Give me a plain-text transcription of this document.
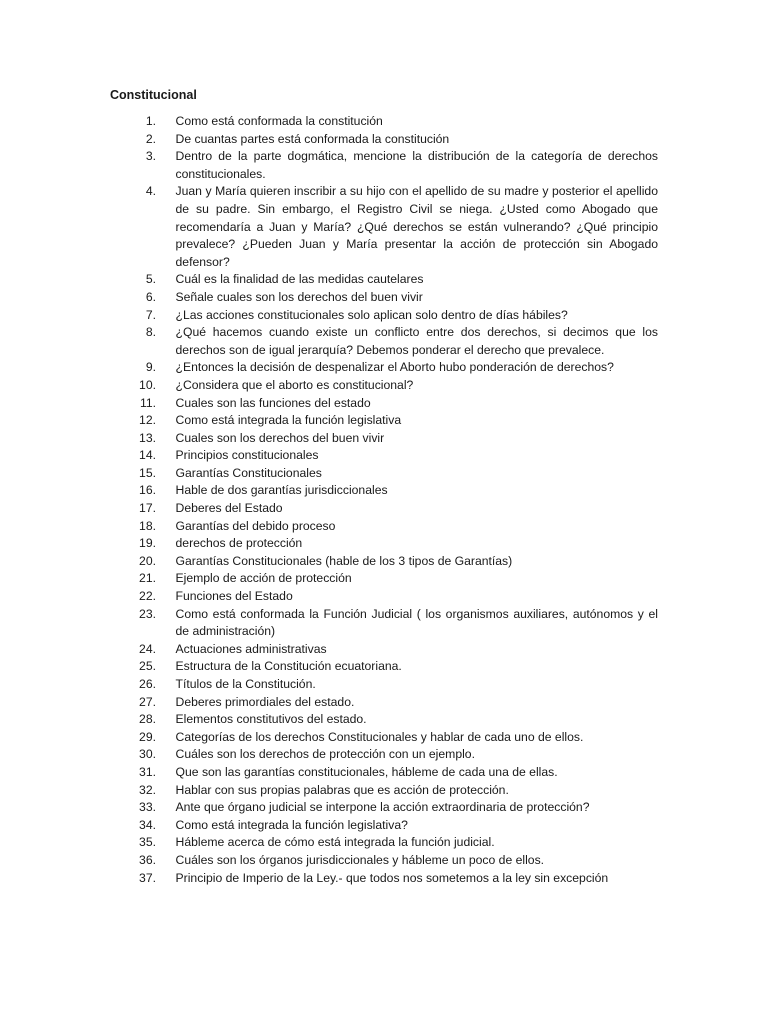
Constitucional
1. Como está conformada la constitución
2. De cuantas partes está conformada la constitución
3. Dentro de la parte dogmática, mencione la distribución de la categoría de derechos constitucionales.
4. Juan y María quieren inscribir a su hijo con el apellido de su madre y posterior el apellido de su padre. Sin embargo, el Registro Civil se niega. ¿Usted como Abogado que recomendaría a Juan y María? ¿Qué derechos se están vulnerando? ¿Qué principio prevalece? ¿Pueden Juan y María presentar la acción de protección sin Abogado defensor?
5. Cuál es la finalidad de las medidas cautelares
6. Señale cuales son los derechos del buen vivir
7. ¿Las acciones constitucionales solo aplican solo dentro de días hábiles?
8. ¿Qué hacemos cuando existe un conflicto entre dos derechos, si decimos que los derechos son de igual jerarquía? Debemos ponderar el derecho que prevalece.
9. ¿Entonces la decisión de despenalizar el Aborto hubo ponderación de derechos?
10. ¿Considera que el aborto es constitucional?
11. Cuales son las funciones del estado
12. Como está integrada la función legislativa
13. Cuales son los derechos del buen vivir
14. Principios constitucionales
15. Garantías Constitucionales
16. Hable de dos garantías jurisdiccionales
17. Deberes del Estado
18. Garantías del debido proceso
19. derechos de protección
20. Garantías Constitucionales (hable de los 3 tipos de Garantías)
21. Ejemplo de acción de protección
22. Funciones del Estado
23. Como está conformada la Función Judicial ( los organismos auxiliares, autónomos y el de administración)
24. Actuaciones administrativas
25. Estructura de la Constitución ecuatoriana.
26. Títulos de la Constitución.
27. Deberes primordiales del estado.
28. Elementos constitutivos del estado.
29. Categorías de los derechos Constitucionales y hablar de cada uno de ellos.
30. Cuáles son los derechos de protección con un ejemplo.
31. Que son las garantías constitucionales, hábleme de cada una de ellas.
32. Hablar con sus propias palabras que es acción de protección.
33. Ante que órgano judicial se interpone la acción extraordinaria de protección?
34. Como está integrada la función legislativa?
35. Hábleme acerca de cómo está integrada la función judicial.
36. Cuáles son los órganos jurisdiccionales y hábleme un poco de ellos.
37. Principio de Imperio de la Ley.- que todos nos sometemos a la ley sin excepción
